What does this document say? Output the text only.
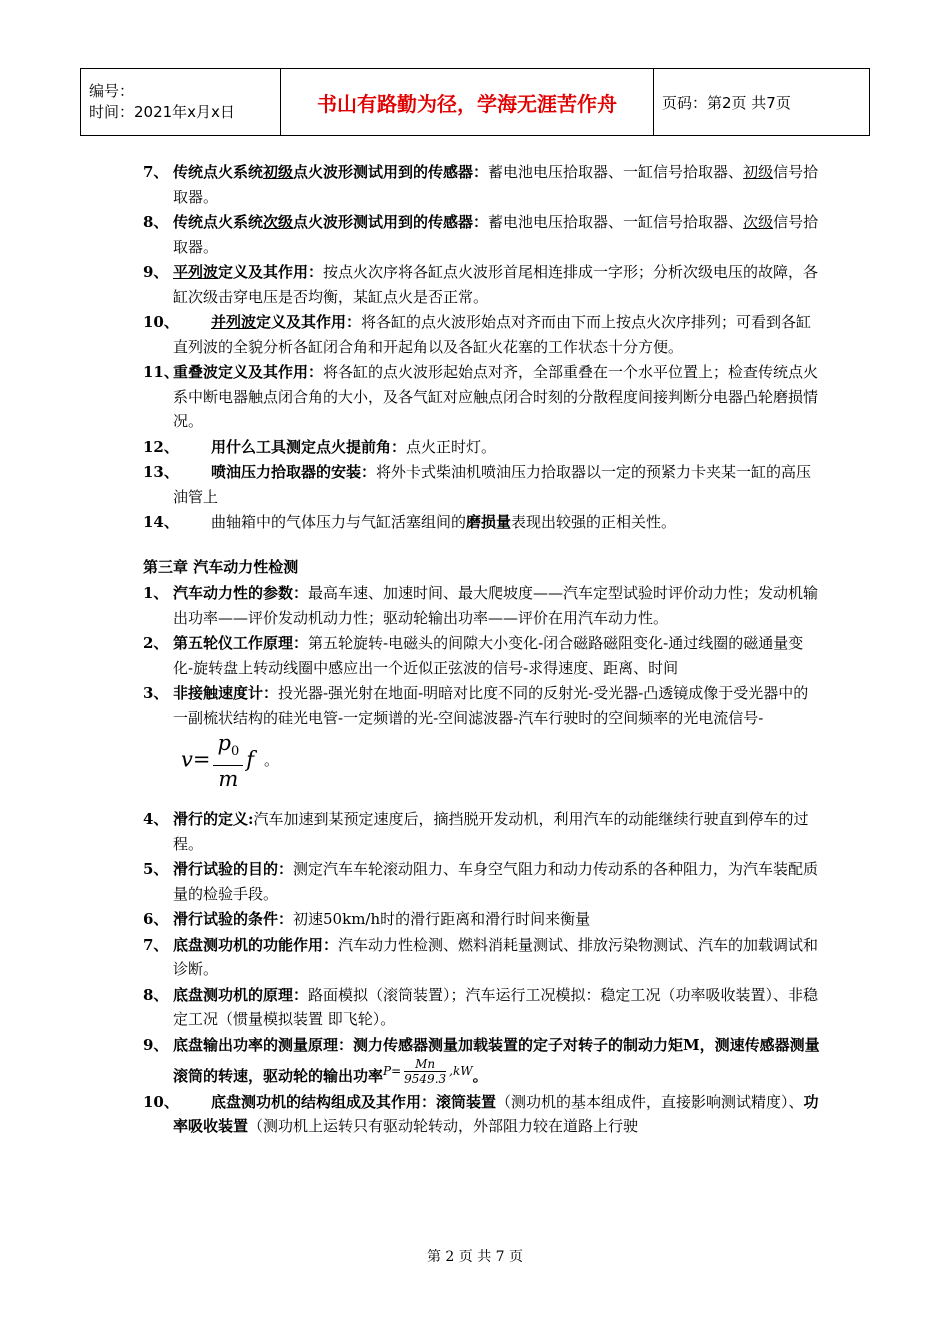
编号：
时间：2021年x月x日	书山有路勤为径，学海无涯苦作舟	页码：第2页 共7页
7、 传统点火系统初级点火波形测试用到的传感器：蓄电池电压拾取器、一缸信号拾取器、初级信号拾取器。
8、 传统点火系统次级点火波形测试用到的传感器：蓄电池电压拾取器、一缸信号拾取器、次级信号拾取器。
9、 平列波定义及其作用：按点火次序将各缸点火波形首尾相连排成一字形；分析次级电压的故障，各缸次级击穿电压是否均衡，某缸点火是否正常。
10、 并列波定义及其作用：将各缸的点火波形始点对齐而由下而上按点火次序排列；可看到各缸直列波的全貌分析各缸闭合角和开起角以及各缸火花塞的工作状态十分方便。
11、
重叠波定义及其作用：将各缸的点火波形起始点对齐，全部重叠在一个水平位置上；检查传统点火系中断电器触点闭合角的大小，及各气缸对应触点闭合时刻的分散程度间接判断分电器凸轮磨损情况。
12、 用什么工具测定点火提前角：点火正时灯。
13、 喷油压力拾取器的安装：将外卡式柴油机喷油压力拾取器以一定的预紧力卡夹某一缸的高压油管上
14、 曲轴箱中的气体压力与气缸活塞组间的磨损量表现出较强的正相关性。
第三章 汽车动力性检测
1、 汽车动力性的参数：最高车速、加速时间、最大爬坡度——汽车定型试验时评价动力性；发动机输出功率——评价发动机动力性；驱动轮输出功率——评价在用汽车动力性。
2、 第五轮仪工作原理：第五轮旋转-电磁头的间隙大小变化-闭合磁路磁阻变化-通过线圈的磁通量变化-旋转盘上转动线圈中感应出一个近似正弦波的信号-求得速度、距离、时间
3、 非接触速度计：投光器-强光射在地面-明暗对比度不同的反射光-受光器-凸透镜成像于受光器中的一副梳状结构的硅光电管-一定频谱的光-空间滤波器-汽车行驶时的空间频率的光电流信号$-v= \frac{p_0}{m}$ f 。
4、 滑行的定义:汽车加速到某预定速度后，摘挡脱开发动机，利用汽车的动能继续行驶直到停车的过程。
5、 滑行试验的目的：测定汽车车轮滚动阻力、车身空气阻力和动力传动系的各种阻力，为汽车装配质量的检验手段。
6、 滑行试验的条件：初速50km/h时的滑行距离和滑行时间来衡量
7、 底盘测功机的功能作用：汽车动力性检测、燃料消耗量测试、排放污染物测试、汽车的加载调试和诊断。
8、 底盘测功机的原理：路面模拟（滚筒装置）；汽车运行工况模拟：稳定工况（功率吸收装置）、非稳定工况（惯量模拟装置 即飞轮）。
9、 底盘输出功率的测量原理：测力传感器测量加载装置的定子对转子的制动力矩M，测速传感器测量滚筒的转速，驱动轮的输出功率$P= \frac{Mn}{9549.3} ,kW$。
10、 底盘测功机的结构组成及其作用：滚筒装置（测功机的基本组成件，直接影响测试精度）、功率吸收装置（测功机上运转只有驱动轮转动，外部阻力较在道路上行驶
第 2 页 共 7 页
